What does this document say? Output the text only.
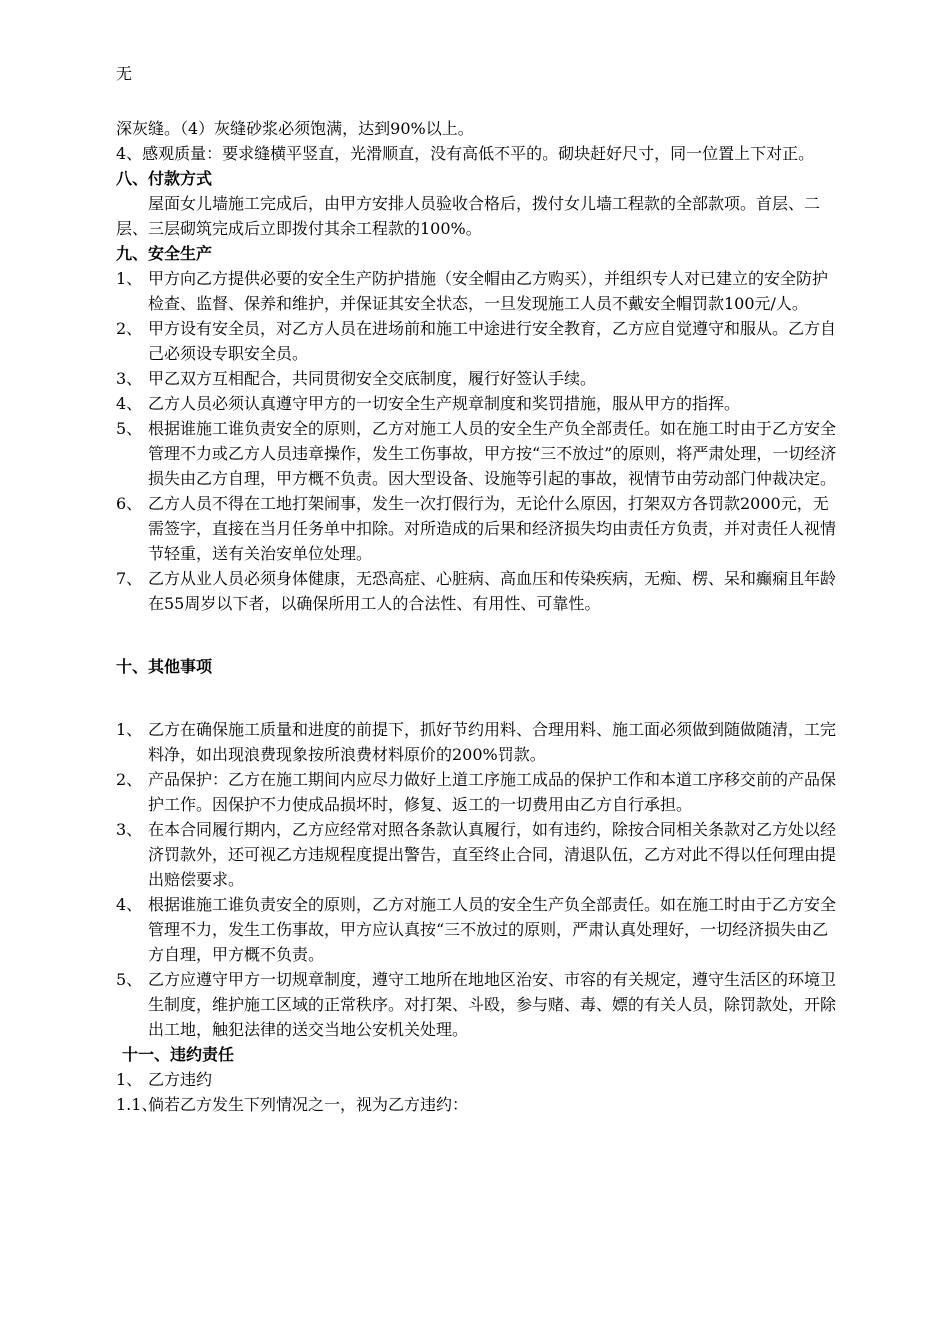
无

深灰缝。（4）灰缝砂浆必须饱满，达到90%以上。

4、感观质量：要求缝横平竖直，光滑顺直，没有高低不平的。砌块赶好尺寸，同一位置上下对正。

八、付款方式

屋面女儿墙施工完成后，由甲方安排人员验收合格后，拨付女儿墙工程款的全部款项。首层、二层、三层砌筑完成后立即拨付其余工程款的100%。

九、安全生产

1、 甲方向乙方提供必要的安全生产防护措施（安全帽由乙方购买），并组织专人对已建立的安全防护检查、监督、保养和维护，并保证其安全状态，一旦发现施工人员不戴安全帽罚款100元/人。
2、 甲方设有安全员，对乙方人员在进场前和施工中途进行安全教育，乙方应自觉遵守和服从。乙方自己必须设专职安全员。
3、 甲乙双方互相配合，共同贯彻安全交底制度，履行好签认手续。
4、 乙方人员必须认真遵守甲方的一切安全生产规章制度和奖罚措施，服从甲方的指挥。
5、 根据谁施工谁负责安全的原则，乙方对施工人员的安全生产负全部责任。如在施工时由于乙方安全管理不力或乙方人员违章操作，发生工伤事故，甲方按“三不放过”的原则，将严肃处理，一切经济损失由乙方自理，甲方概不负责。因大型设备、设施等引起的事故，视情节由劳动部门仲裁决定。
6、 乙方人员不得在工地打架闹事，发生一次打假行为，无论什么原因，打架双方各罚款2000元，无需签字，直接在当月任务单中扣除。对所造成的后果和经济损失均由责任方负责，并对责任人视情节轻重，送有关治安单位处理。
7、 乙方从业人员必须身体健康，无恐高症、心脏病、高血压和传染疾病，无痴、楞、呆和癫痫且年龄在55周岁以下者，以确保所用工人的合法性、有用性、可靠性。

十、其他事项

1、 乙方在确保施工质量和进度的前提下，抓好节约用料、合理用料、施工面必须做到随做随清，工完料净，如出现浪费现象按所浪费材料原价的200%罚款。
2、 产品保护：乙方在施工期间内应尽力做好上道工序施工成品的保护工作和本道工序移交前的产品保护工作。因保护不力使成品损坏时，修复、返工的一切费用由乙方自行承担。
3、 在本合同履行期内，乙方应经常对照各条款认真履行，如有违约，除按合同相关条款对乙方处以经济罚款外，还可视乙方违规程度提出警告，直至终止合同，清退队伍，乙方对此不得以任何理由提出赔偿要求。
4、 根据谁施工谁负责安全的原则，乙方对施工人员的安全生产负全部责任。如在施工时由于乙方安全管理不力，发生工伤事故，甲方应认真按“三不放过的原则，严肃认真处理好，一切经济损失由乙方自理，甲方概不负责。
5、 乙方应遵守甲方一切规章制度，遵守工地所在地地区治安、市容的有关规定，遵守生活区的环境卫生制度，维护施工区域的正常秩序。对打架、斗殴，参与赌、毒、嫖的有关人员，除罚款处，开除出工地，触犯法律的送交当地公安机关处理。

十一、违约责任

1、 乙方违约
1.1、
倘若乙方发生下列情况之一，视为乙方违约：
